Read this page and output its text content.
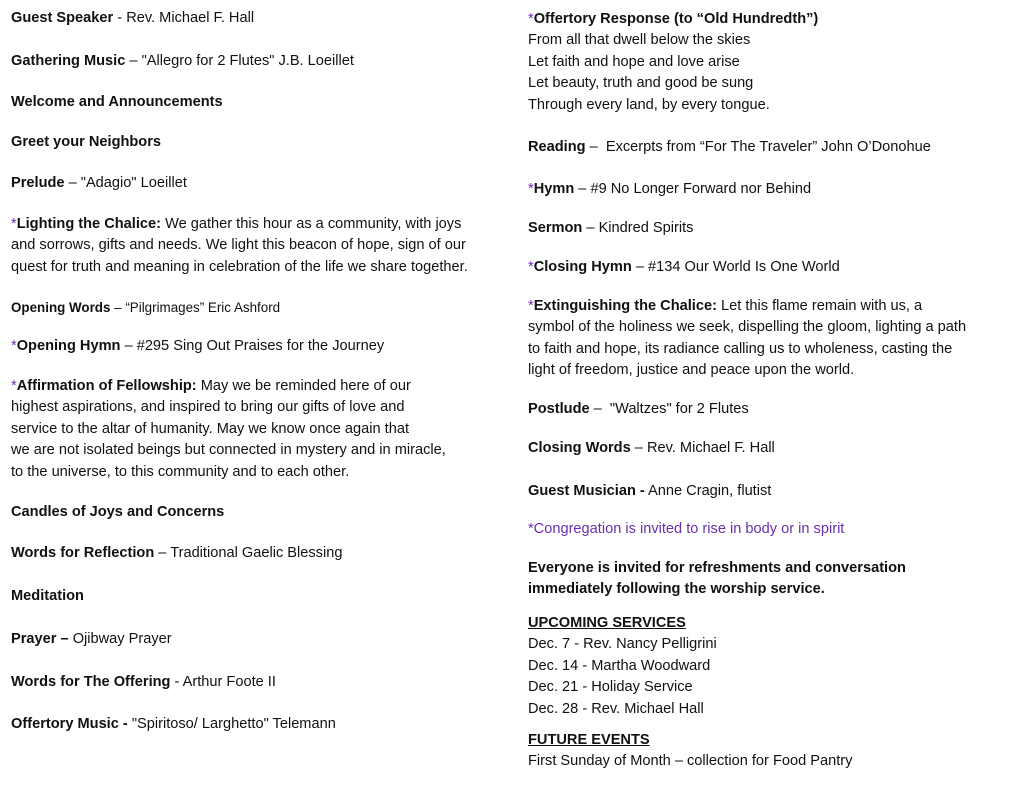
Guest Speaker - Rev. Michael F. Hall
Gathering Music – "Allegro for 2 Flutes" J.B. Loeillet
Welcome and Announcements
Greet your Neighbors
Prelude – "Adagio" Loeillet
*Lighting the Chalice: We gather this hour as a community, with joys
and sorrows, gifts and needs. We light this beacon of hope, sign of our
quest for truth and meaning in celebration of the life we share together.
Opening Words – “Pilgrimages” Eric Ashford
*Opening Hymn – #295 Sing Out Praises for the Journey
*Affirmation of Fellowship: May we be reminded here of our
highest aspirations, and inspired to bring our gifts of love and
service to the altar of humanity. May we know once again that
we are not isolated beings but connected in mystery and in miracle,
to the universe, to this community and to each other.
Candles of Joys and Concerns
Words for Reflection – Traditional Gaelic Blessing
Meditation
Prayer – Ojibway Prayer
Words for The Offering - Arthur Foote II
Offertory Music - "Spiritoso/ Larghetto" Telemann
*Offertory Response (to “Old Hundredth”)
From all that dwell below the skies
Let faith and hope and love arise
Let beauty, truth and good be sung
Through every land, by every tongue.
Reading –  Excerpts from “For The Traveler” John O’Donohue
*Hymn – #9 No Longer Forward nor Behind
Sermon – Kindred Spirits
*Closing Hymn – #134 Our World Is One World
*Extinguishing the Chalice: Let this flame remain with us, a
symbol of the holiness we seek, dispelling the gloom, lighting a path
to faith and hope, its radiance calling us to wholeness, casting the
light of freedom, justice and peace upon the world.
Postlude –  "Waltzes" for 2 Flutes
Closing Words – Rev. Michael F. Hall
Guest Musician - Anne Cragin, flutist
*Congregation is invited to rise in body or in spirit
Everyone is invited for refreshments and conversation
immediately following the worship service.
UPCOMING SERVICES
Dec. 7 - Rev. Nancy Pelligrini
Dec. 14 - Martha Woodward
Dec. 21 - Holiday Service
Dec. 28 - Rev. Michael Hall
FUTURE EVENTS
First Sunday of Month – collection for Food Pantry
